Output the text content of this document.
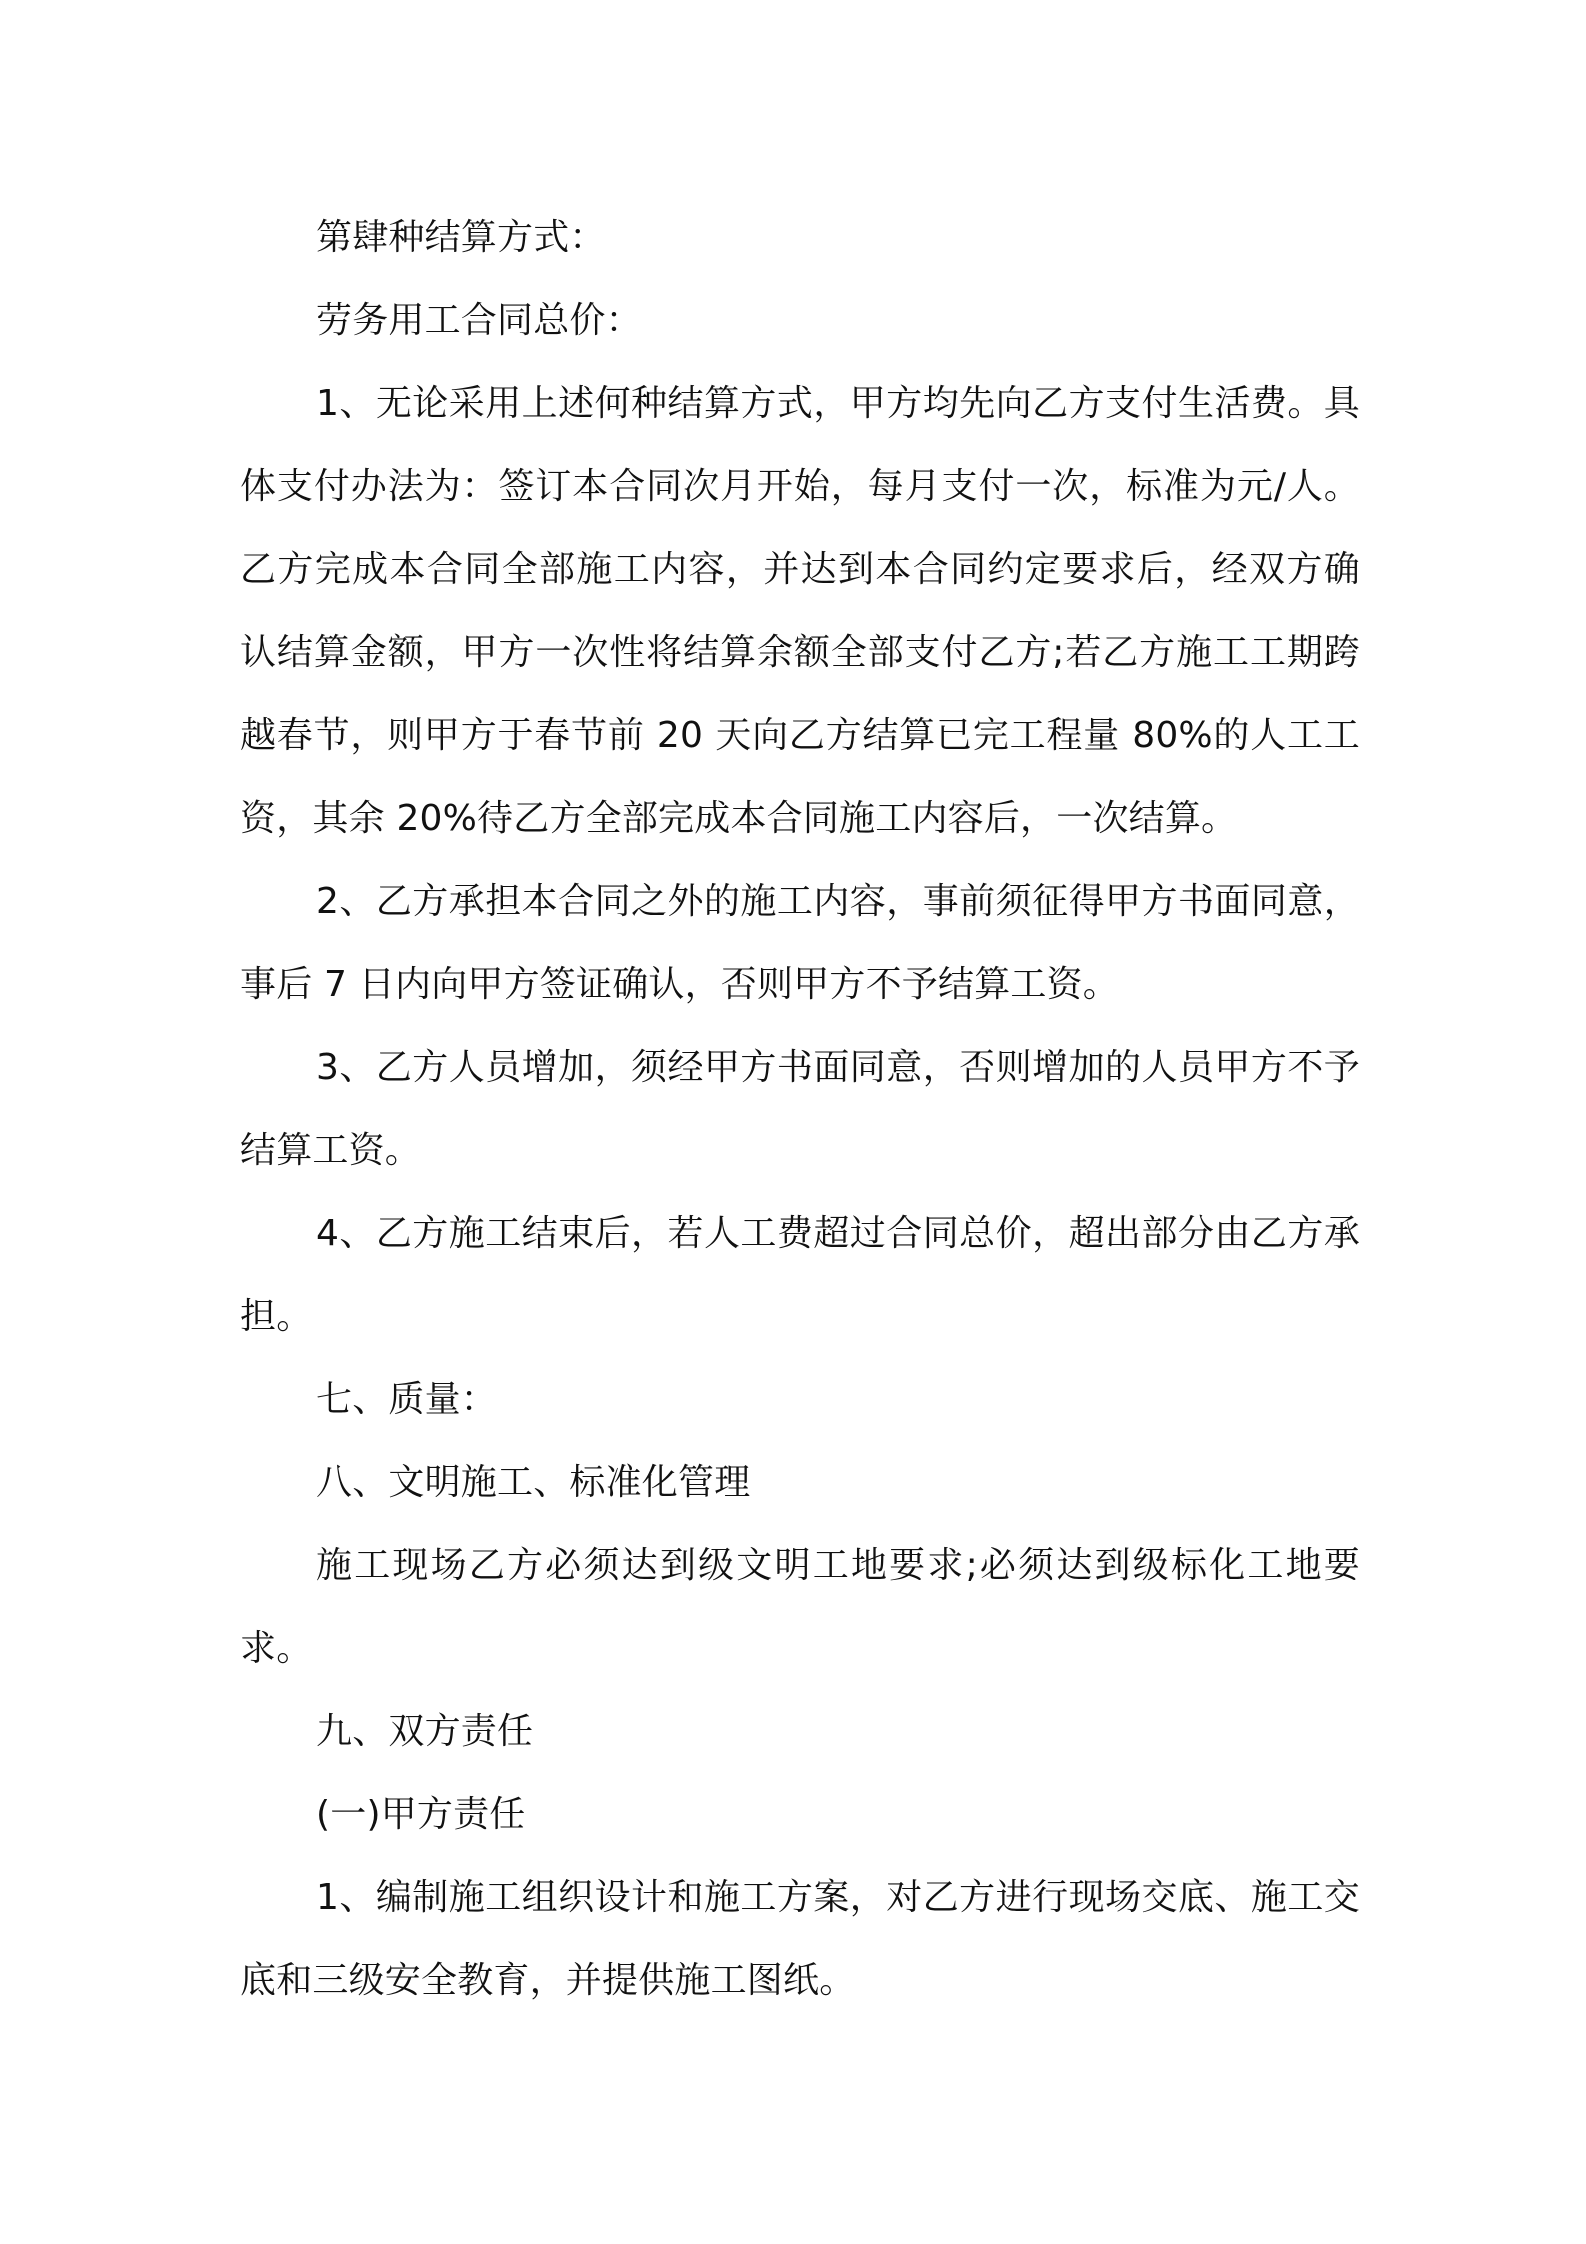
第肆种结算方式：

劳务用工合同总价：

1、无论采用上述何种结算方式，甲方均先向乙方支付生活费。具体支付办法为：签订本合同次月开始，每月支付一次，标准为元/人。乙方完成本合同全部施工内容，并达到本合同约定要求后，经双方确认结算金额，甲方一次性将结算余额全部支付乙方;若乙方施工工期跨越春节，则甲方于春节前 20 天向乙方结算已完工程量 80%的人工工资，其余 20%待乙方全部完成本合同施工内容后，一次结算。

2、乙方承担本合同之外的施工内容，事前须征得甲方书面同意，事后 7 日内向甲方签证确认，否则甲方不予结算工资。

3、乙方人员增加，须经甲方书面同意，否则增加的人员甲方不予结算工资。

4、乙方施工结束后，若人工费超过合同总价，超出部分由乙方承担。

七、质量：

八、文明施工、标准化管理

施工现场乙方必须达到级文明工地要求;必须达到级标化工地要求。

九、双方责任

(一)甲方责任

1、编制施工组织设计和施工方案，对乙方进行现场交底、施工交底和三级安全教育，并提供施工图纸。
